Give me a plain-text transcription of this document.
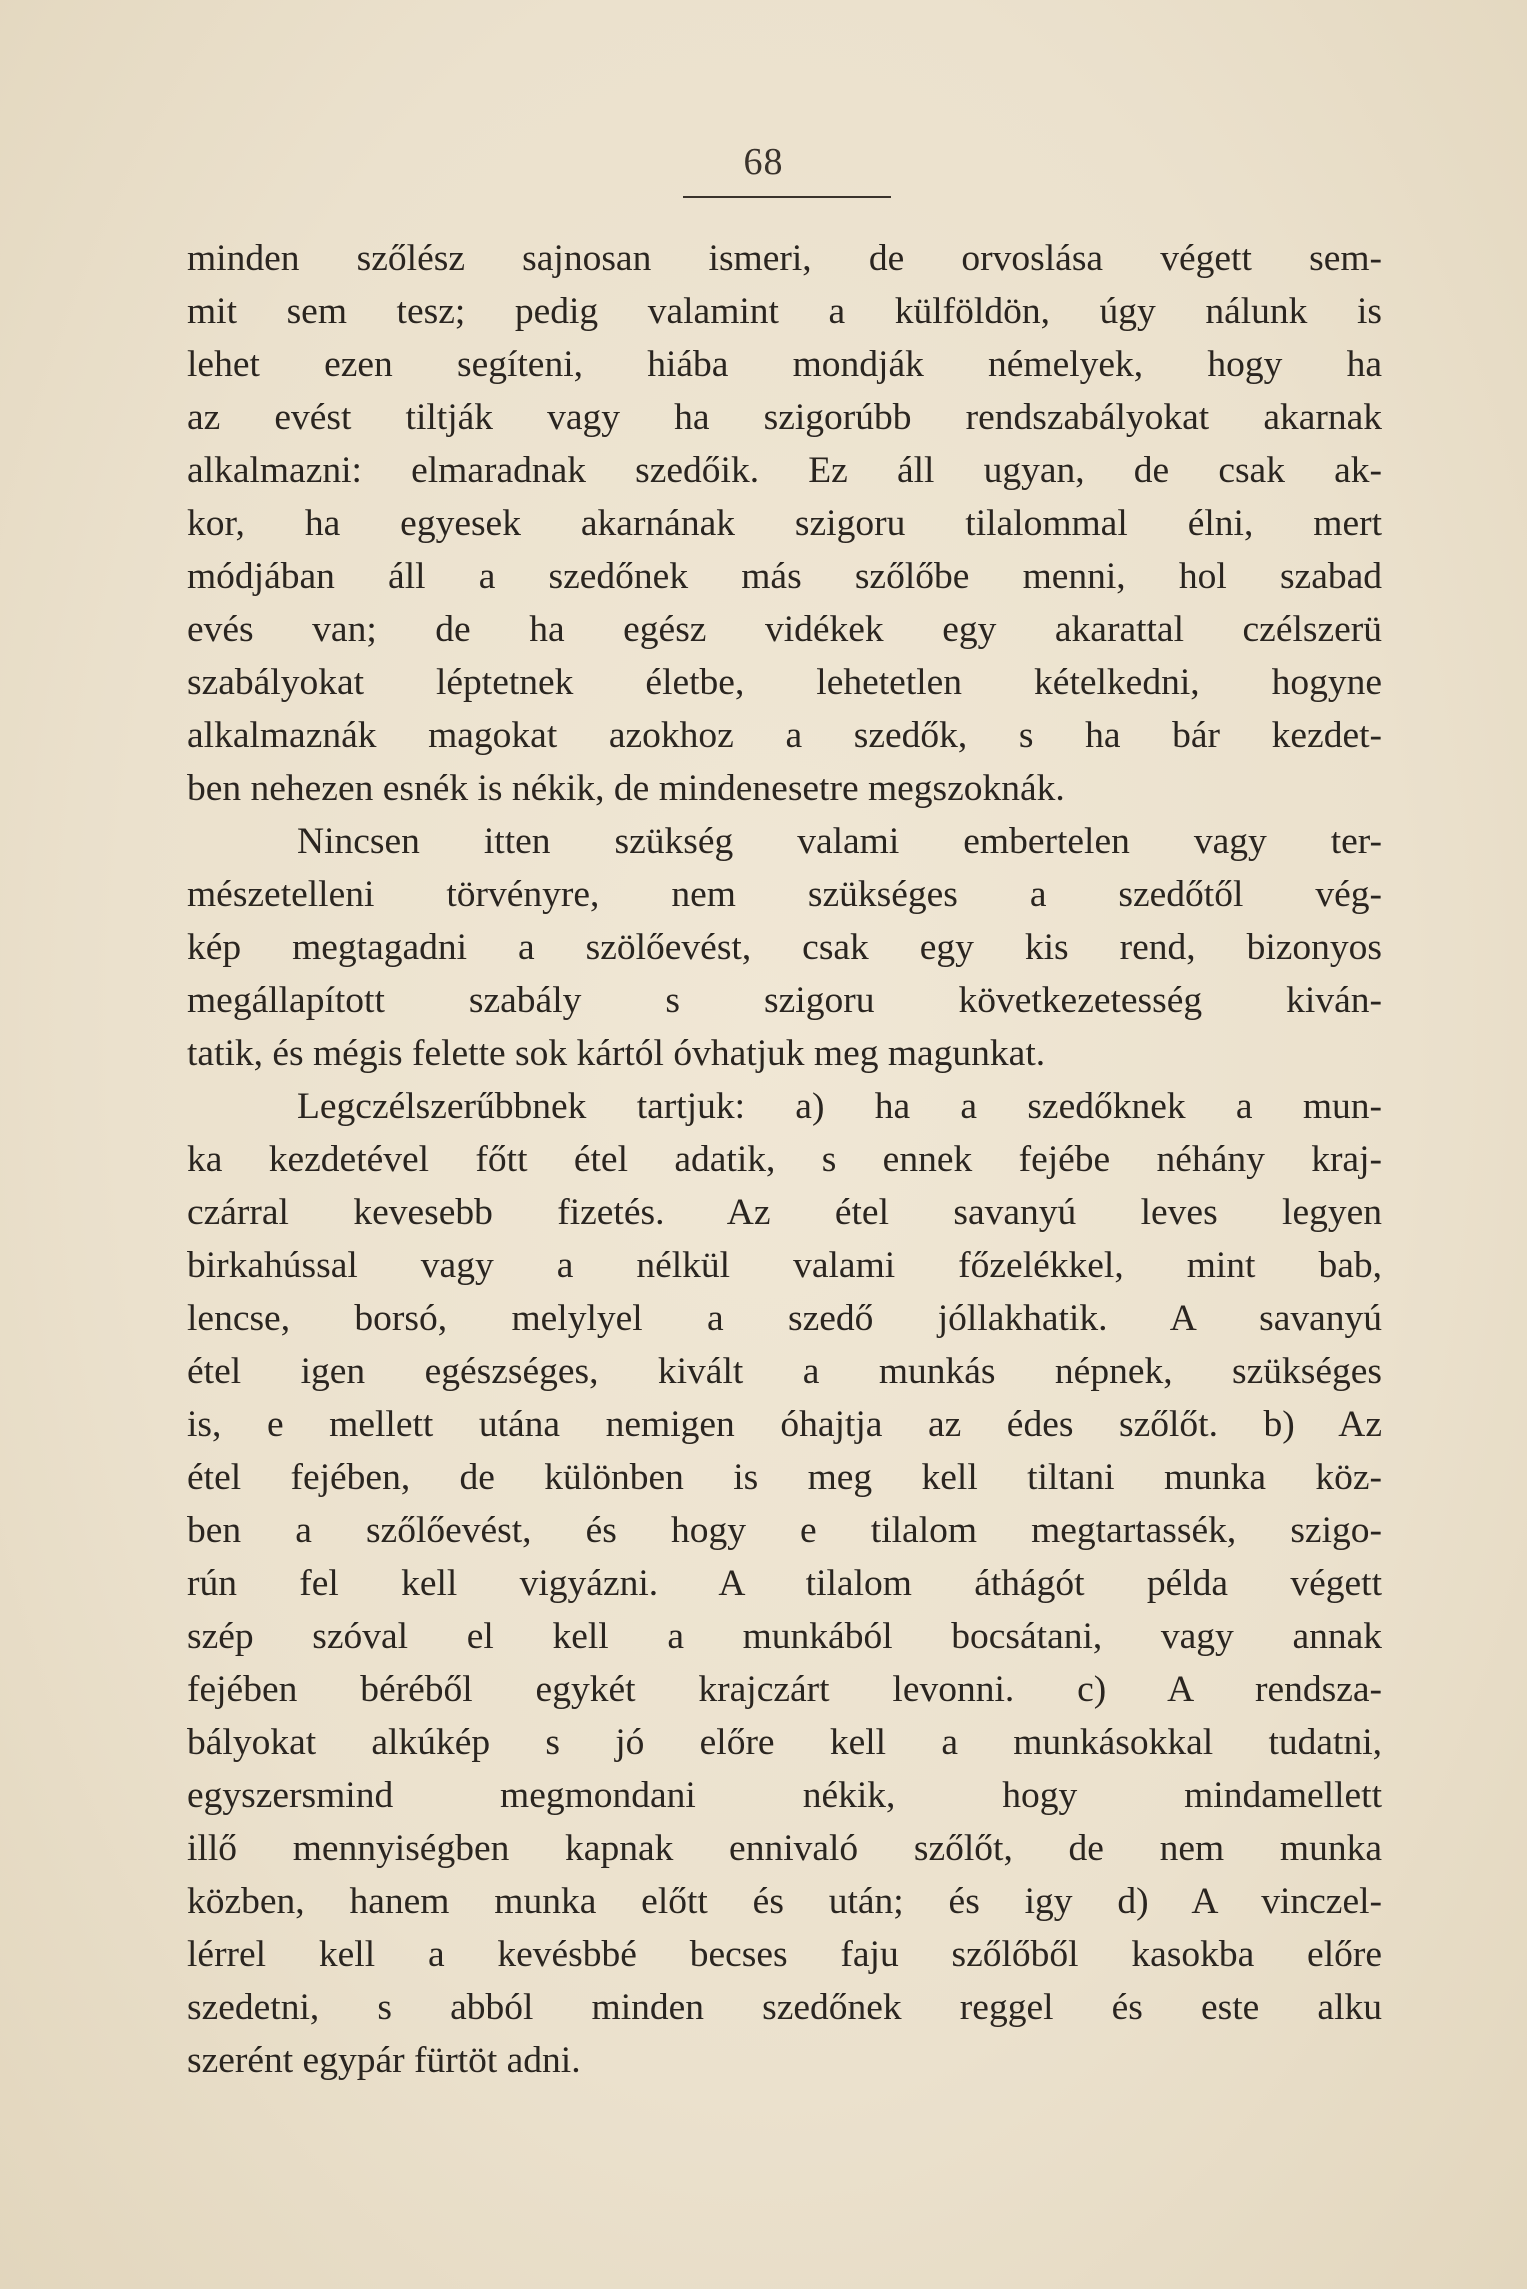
68
minden szőlész sajnosan ismeri, de orvoslása végett sem-
mit sem tesz; pedig valamint a külföldön, úgy nálunk is
lehet ezen segíteni, hiába mondják némelyek, hogy ha
az evést tiltják vagy ha szigorúbb rendszabályokat akarnak
alkalmazni: elmaradnak szedőik. Ez áll ugyan, de csak ak-
kor, ha egyesek akarnának szigoru tilalommal élni, mert
módjában áll a szedőnek más szőlőbe menni, hol szabad
evés van; de ha egész vidékek egy akarattal czélszerü
szabályokat léptetnek életbe, lehetetlen kételkedni, hogyne
alkalmaznák magokat azokhoz a szedők, s ha bár kezdet-
ben nehezen esnék is nékik, de mindenesetre megszoknák.
Nincsen itten szükség valami embertelen vagy ter-
mészetelleni törvényre, nem szükséges a szedőtől vég-
kép megtagadni a szölőevést, csak egy kis rend, bizonyos
megállapított szabály s szigoru következetesség kiván-
tatik, és mégis felette sok kártól óvhatjuk meg magunkat.
Legczélszerűbbnek tartjuk: a) ha a szedőknek a mun-
ka kezdetével főtt étel adatik, s ennek fejébe néhány kraj-
czárral kevesebb fizetés. Az étel savanyú leves legyen
birkahússal vagy a nélkül valami főzelékkel, mint bab,
lencse, borsó, melylyel a szedő jóllakhatik. A savanyú
étel igen egészséges, kivált a munkás népnek, szükséges
is, e mellett utána nemigen óhajtja az édes szőlőt. b) Az
étel fejében, de különben is meg kell tiltani munka köz-
ben a szőlőevést, és hogy e tilalom megtartassék, szigo-
rún fel kell vigyázni. A tilalom áthágót példa végett
szép szóval el kell a munkából bocsátani, vagy annak
fejében béréből egykét krajczárt levonni. c) A rendsza-
bályokat alkúkép s jó előre kell a munkásokkal tudatni,
egyszersmind megmondani nékik, hogy mindamellett
illő mennyiségben kapnak ennivaló szőlőt, de nem munka
közben, hanem munka előtt és után; és igy d) A vinczel-
lérrel kell a kevésbbé becses faju szőlőből kasokba előre
szedetni, s abból minden szedőnek reggel és este alku
szerént egypár fürtöt adni.
